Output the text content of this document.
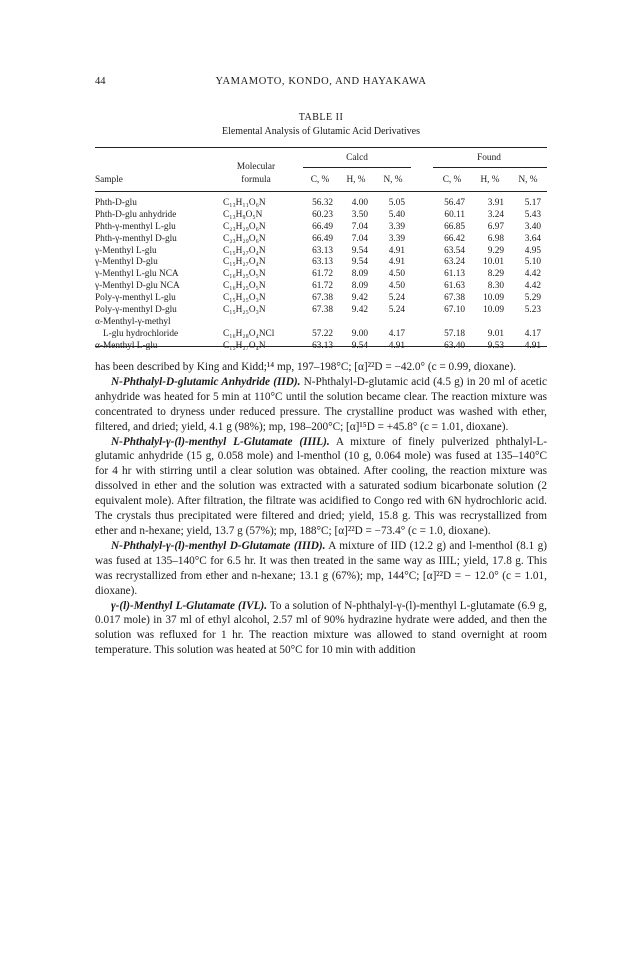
44	YAMAMOTO, KONDO, AND HAYAKAWA
TABLE II
Elemental Analysis of Glutamic Acid Derivatives
Molecular
Sample	formula
Calcd	Found
C, %	H, %	N, %	C, %	H, %	N, %
Phth-D-glu	C₁₃H₁₁O₆N	56.32	4.00	5.05	56.47	3.91	5.17
Phth-D-glu anhydride	C₁₃H₉O₅N	60.23	3.50	5.40	60.11	3.24	5.43
Phth-γ-menthyl L-glu	C₂₃H₂₉O₆N	66.49	7.04	3.39	66.85	6.97	3.40
Phth-γ-menthyl D-glu	C₂₃H₂₉O₆N	66.49	7.04	3.39	66.42	6.98	3.64
γ-Menthyl L-glu	C₁₅H₂₇O₄N	63.13	9.54	4.91	63.54	9.29	4.95
γ-Menthyl D-glu	C₁₅H₂₇O₄N	63.13	9.54	4.91	63.24	10.01	5.10
γ-Menthyl L-glu NCA	C₁₆H₂₅O₅N	61.72	8.09	4.50	61.13	8.29	4.42
γ-Menthyl D-glu NCA	C₁₆H₂₅O₅N	61.72	8.09	4.50	61.63	8.30	4.42
Poly-γ-menthyl L-glu	C₁₅H₂₅O₃N	67.38	9.42	5.24	67.38	10.09	5.29
Poly-γ-menthyl D-glu	C₁₅H₂₅O₃N	67.38	9.42	5.24	67.10	10.09	5.23
α-Menthyl-γ-methyl
L-glu hydrochloride	C₁₆H₂₈O₄NCl	57.22	9.00	4.17	57.18	9.01	4.17
α-Menthyl L-glu	C₁₅H₂₇O₄N	63.13	9.54	4.91	63.40	9.53	4.91

has been described by King and Kidd;¹⁴ mp, 197–198°C; [α]²²D = −42.0° (c = 0.99, dioxane).

N-Phthalyl-D-glutamic Anhydride (IID). N-Phthalyl-D-glutamic acid (4.5 g) in 20 ml of acetic anhydride was heated for 5 min at 110°C until the solution became clear. The reaction mixture was concentrated to dryness under reduced pressure. The crystalline product was washed with ether, filtered, and dried; yield, 4.1 g (98%); mp, 198–200°C; [α]¹⁵D = +45.8° (c = 1.01, dioxane).

N-Phthalyl-γ-(l)-menthyl L-Glutamate (IIIL). A mixture of finely pulverized phthalyl-L-glutamic anhydride (15 g, 0.058 mole) and l-menthol (10 g, 0.064 mole) was fused at 135–140°C for 4 hr with stirring until a clear solution was obtained. After cooling, the reaction mixture was dissolved in ether and the solution was extracted with a saturated sodium bicarbonate solution (2 equivalent mole). After filtration, the filtrate was acidified to Congo red with 6N hydrochloric acid. The crystals thus precipitated were filtered and dried; yield, 15.8 g. This was recrystallized from ether and n-hexane; yield, 13.7 g (57%); mp, 188°C; [α]²²D = −73.4° (c = 1.0, dioxane).

N-Phthalyl-γ-(l)-menthyl D-Glutamate (IIID). A mixture of IID (12.2 g) and l-menthol (8.1 g) was fused at 135–140°C for 6.5 hr. It was then treated in the same way as IIIL; yield, 17.8 g. This was recrystallized from ether and n-hexane; 13.1 g (67%); mp, 144°C; [α]²²D = − 12.0° (c = 1.01, dioxane).

γ-(l)-Menthyl L-Glutamate (IVL). To a solution of N-phthalyl-γ-(l)-menthyl L-glutamate (6.9 g, 0.017 mole) in 37 ml of ethyl alcohol, 2.57 ml of 90% hydrazine hydrate were added, and then the solution was refluxed for 1 hr. The reaction mixture was allowed to stand overnight at room temperature. This solution was heated at 50°C for 10 min with addition
